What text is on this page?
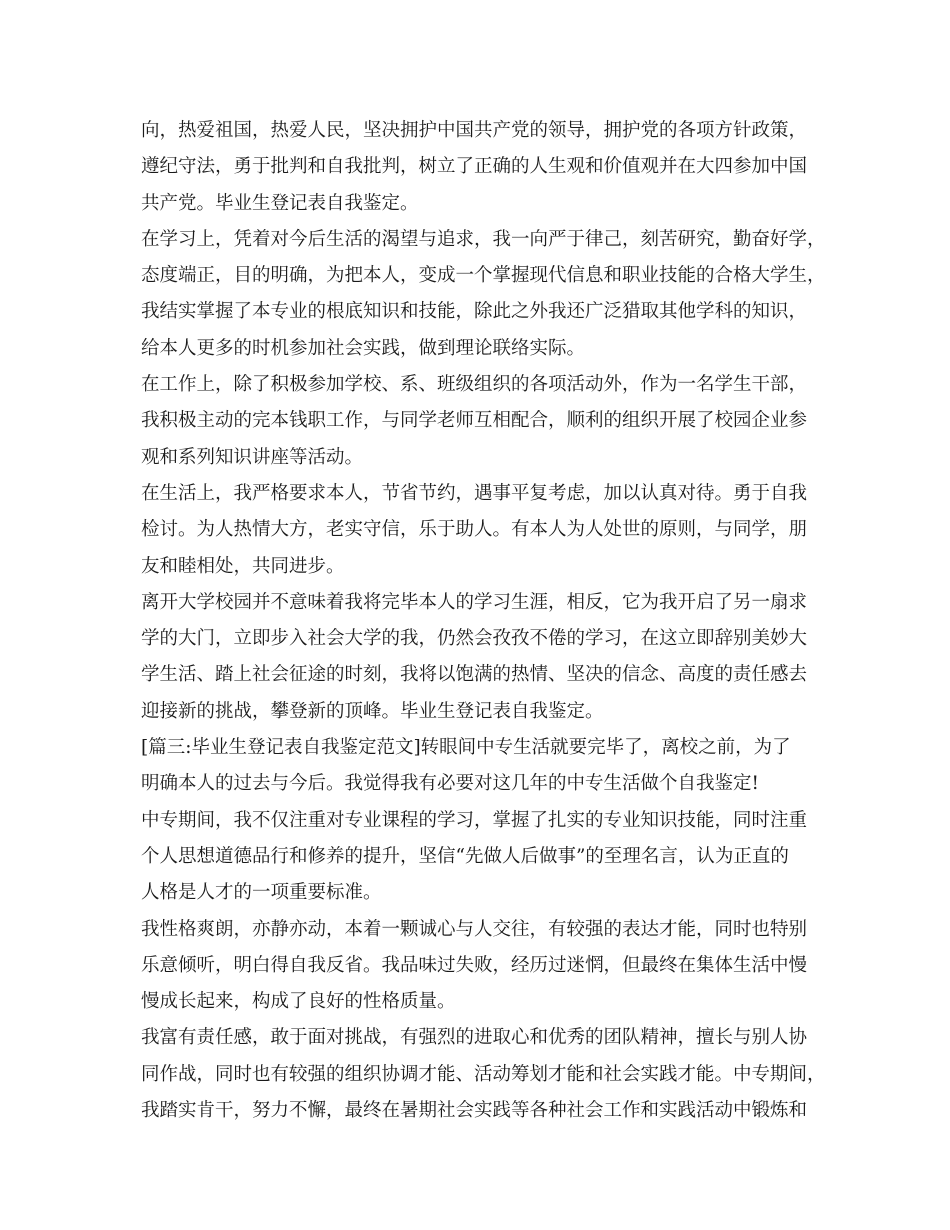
向，热爱祖国，热爱人民，坚决拥护中国共产党的领导，拥护党的各项方针政策，
遵纪守法，勇于批判和自我批判，树立了正确的人生观和价值观并在大四参加中国
共产党。毕业生登记表自我鉴定。
在学习上，凭着对今后生活的渴望与追求，我一向严于律己，刻苦研究，勤奋好学，
态度端正，目的明确，为把本人，变成一个掌握现代信息和职业技能的合格大学生，
我结实掌握了本专业的根底知识和技能，除此之外我还广泛猎取其他学科的知识，
给本人更多的时机参加社会实践，做到理论联络实际。
在工作上，除了积极参加学校、系、班级组织的各项活动外，作为一名学生干部，
我积极主动的完本钱职工作，与同学老师互相配合，顺利的组织开展了校园企业参
观和系列知识讲座等活动。
在生活上，我严格要求本人，节省节约，遇事平复考虑，加以认真对待。勇于自我
检讨。为人热情大方，老实守信，乐于助人。有本人为人处世的原则，与同学，朋
友和睦相处，共同进步。
离开大学校园并不意味着我将完毕本人的学习生涯，相反，它为我开启了另一扇求
学的大门，立即步入社会大学的我，仍然会孜孜不倦的学习，在这立即辞别美妙大
学生活、踏上社会征途的时刻，我将以饱满的热情、坚决的信念、高度的责任感去
迎接新的挑战，攀登新的顶峰。毕业生登记表自我鉴定。
[篇三:毕业生登记表自我鉴定范文]转眼间中专生活就要完毕了，离校之前，为了
明确本人的过去与今后。我觉得我有必要对这几年的中专生活做个自我鉴定!
中专期间，我不仅注重对专业课程的学习，掌握了扎实的专业知识技能，同时注重
个人思想道德品行和修养的提升，坚信“先做人后做事”的至理名言，认为正直的
人格是人才的一项重要标准。
我性格爽朗，亦静亦动，本着一颗诚心与人交往，有较强的表达才能，同时也特别
乐意倾听，明白得自我反省。我品味过失败，经历过迷惘，但最终在集体生活中慢
慢成长起来，构成了良好的性格质量。
我富有责任感，敢于面对挑战，有强烈的进取心和优秀的团队精神，擅长与别人协
同作战，同时也有较强的组织协调才能、活动筹划才能和社会实践才能。中专期间，
我踏实肯干，努力不懈，最终在暑期社会实践等各种社会工作和实践活动中锻炼和
